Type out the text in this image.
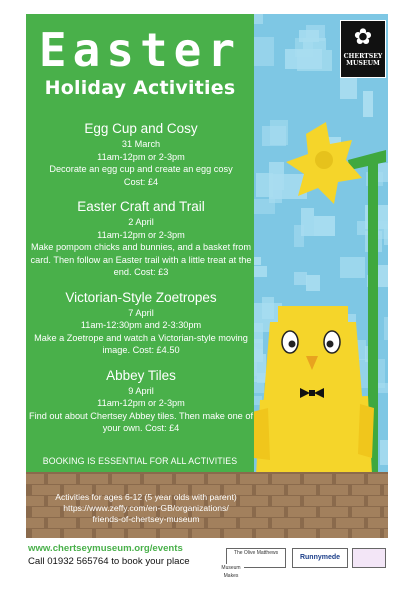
Easter
Holiday Activities
Egg Cup and Cosy
31 March
11am-12pm or 2-3pm
Decorate an egg cup and create an egg cosy
Cost: £4
Easter Craft and Trail
2 April
11am-12pm or 2-3pm
Make pompom chicks and bunnies, and a basket from card. Then follow an Easter trail with a little treat at the end. Cost: £3
Victorian-Style Zoetropes
7 April
11am-12:30pm and 2-3:30pm
Make a Zoetrope and watch a Victorian-style moving image. Cost: £4.50
Abbey Tiles
9 April
11am-12pm or 2-3pm
Find out about Chertsey Abbey tiles. Then make one of your own. Cost: £4
BOOKING IS ESSENTIAL FOR ALL ACTIVITIES
Activities for ages 6-12 (5 year olds with parent)
https://www.zeffy.com/en-GB/organizations/
friends-of-chertsey-museum
✿
CHERTSEY
MUSEUM
www.chertseymuseum.org/events
Call 01932 565764 to book your place
The Olive Matthews
Museum Makes
Runnymede
